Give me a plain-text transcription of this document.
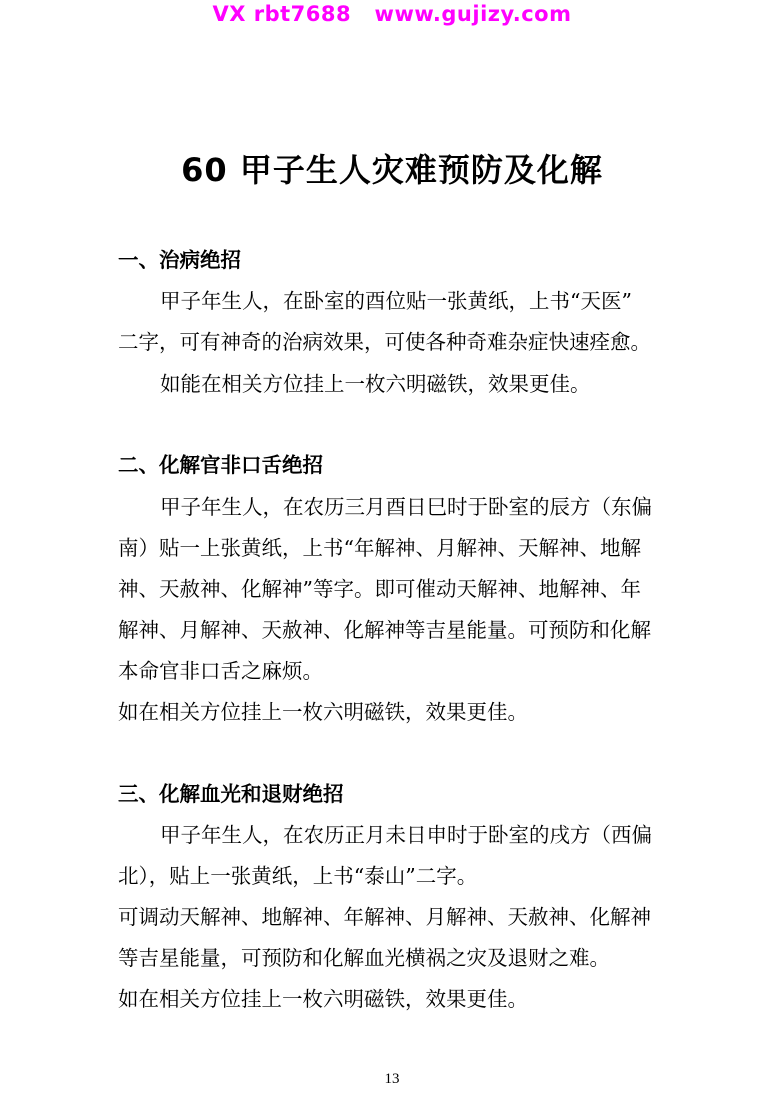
VX rbt7688   www.gujizy.com
60 甲子生人灾难预防及化解
一、治病绝招
甲子年生人，在卧室的酉位贴一张黄纸，上书“天医”
二字，可有神奇的治病效果，可使各种奇难杂症快速痊愈。
如能在相关方位挂上一枚六明磁铁，效果更佳。
二、化解官非口舌绝招
甲子年生人，在农历三月酉日巳时于卧室的辰方（东偏
南）贴一上张黄纸，上书“年解神、月解神、天解神、地解
神、天赦神、化解神”等字。即可催动天解神、地解神、年
解神、月解神、天赦神、化解神等吉星能量。可预防和化解
本命官非口舌之麻烦。
如在相关方位挂上一枚六明磁铁，效果更佳。
三、化解血光和退财绝招
甲子年生人，在农历正月未日申时于卧室的戌方（西偏
北），贴上一张黄纸，上书“泰山”二字。
可调动天解神、地解神、年解神、月解神、天赦神、化解神
等吉星能量，可预防和化解血光横祸之灾及退财之难。
如在相关方位挂上一枚六明磁铁，效果更佳。
13
